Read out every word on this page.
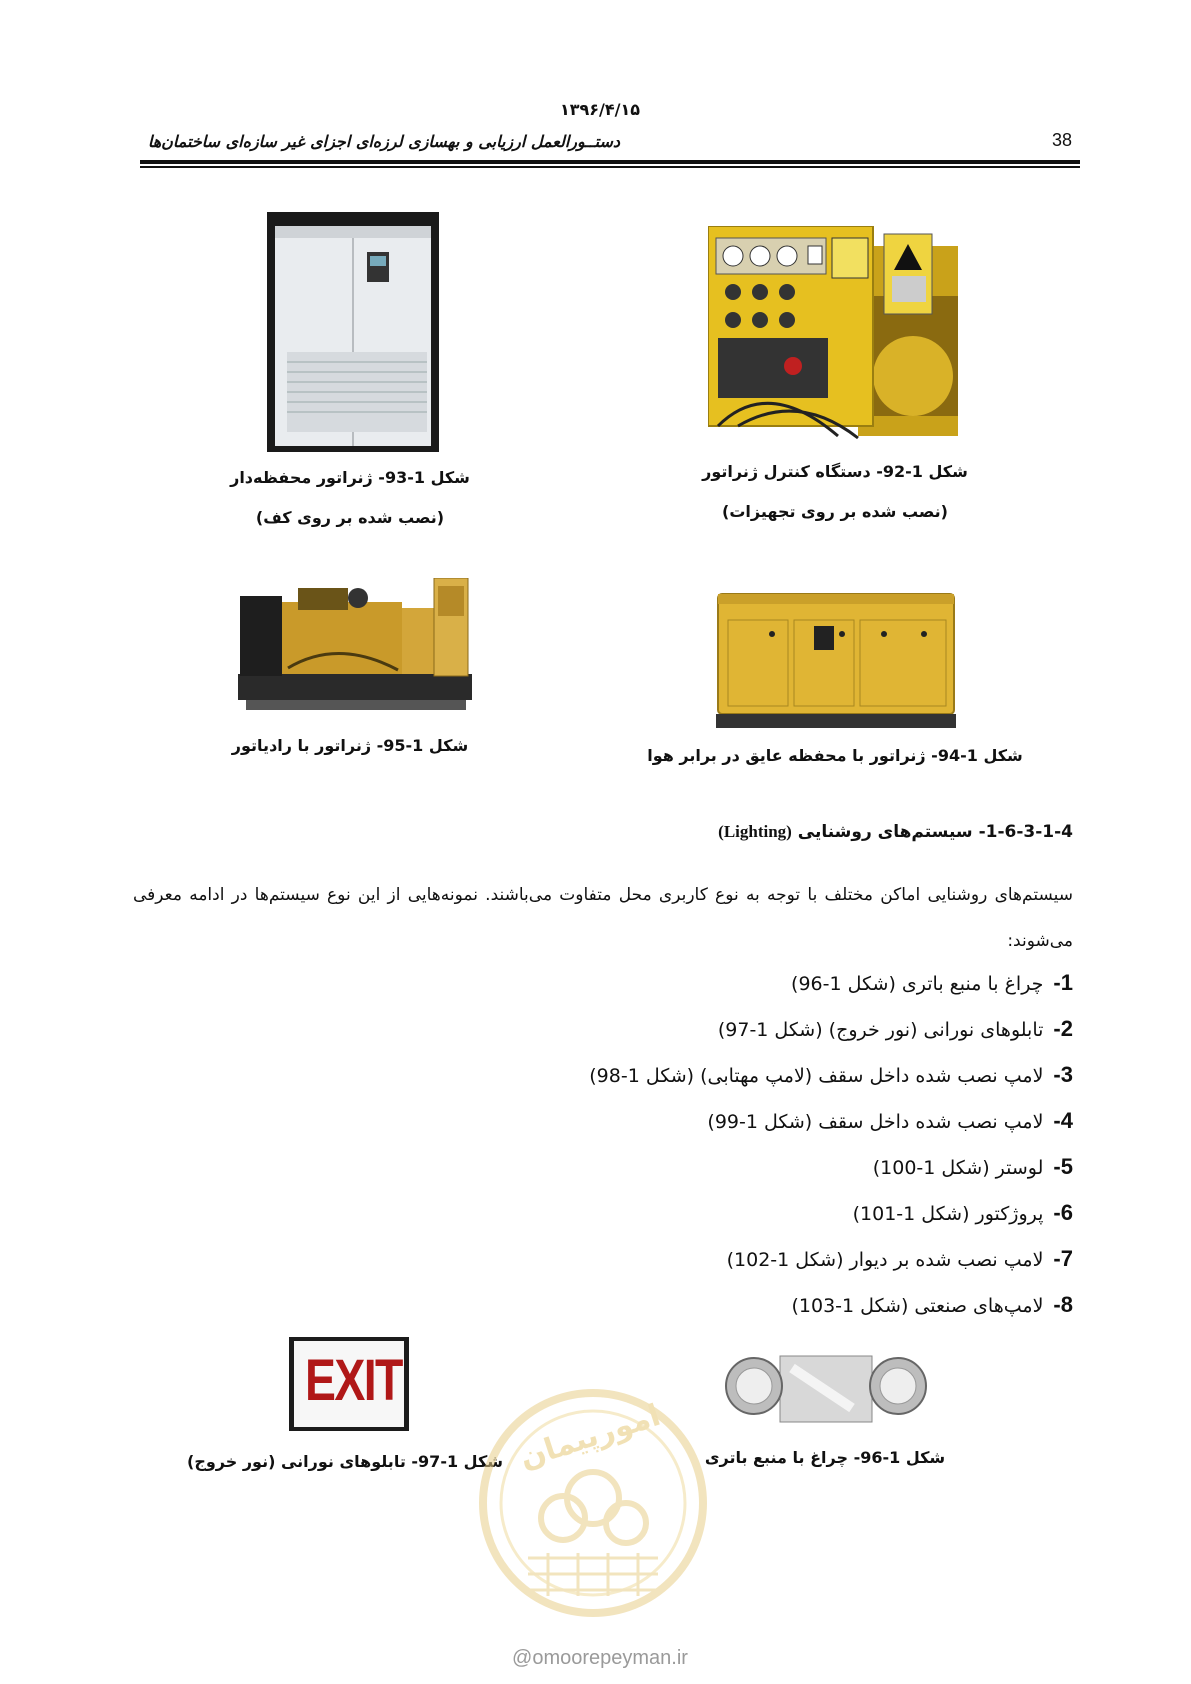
۱۳۹۶/۴/۱۵
دستــورالعمل ارزیابی و بهسازی لرزه‌ای اجزای غیر سازه‌ای ساختمان‌ها	38
شکل 1-92- دستگاه کنترل ژنراتور
(نصب شده بر روی تجهیزات)
شکل 1-93- ژنراتور محفظه‌دار
(نصب شده بر روی کف)
شکل 1-94- ژنراتور با محفظه عایق در برابر هوا
شکل 1-95- ژنراتور با رادیاتور
1-6-3-1-4- سیستم‌های روشنایی (Lighting)
سیستم‌های روشنایی اماکن مختلف با توجه به نوع کاربری محل متفاوت می‌باشند. نمونه‌هایی از این نوع سیستم‌ها در ادامه معرفی می‌شوند:
1-چراغ با منبع باتری (شکل 1-96)
2-تابلوهای نورانی (نور خروج) (شکل 1-97)
3-لامپ نصب شده داخل سقف (لامپ مهتابی) (شکل 1-98)
4-لامپ نصب شده داخل سقف (شکل 1-99)
5-لوستر (شکل 1-100)
6-پروژکتور (شکل 1-101)
7-لامپ نصب شده بر دیوار (شکل 1-102)
8-لامپ‌های صنعتی (شکل 1-103)
شکل 1-96- چراغ با منبع باتری
EXIT
شکل 1-97- تابلوهای نورانی (نور خروج) امورپیمان
@omoorepeyman.ir
